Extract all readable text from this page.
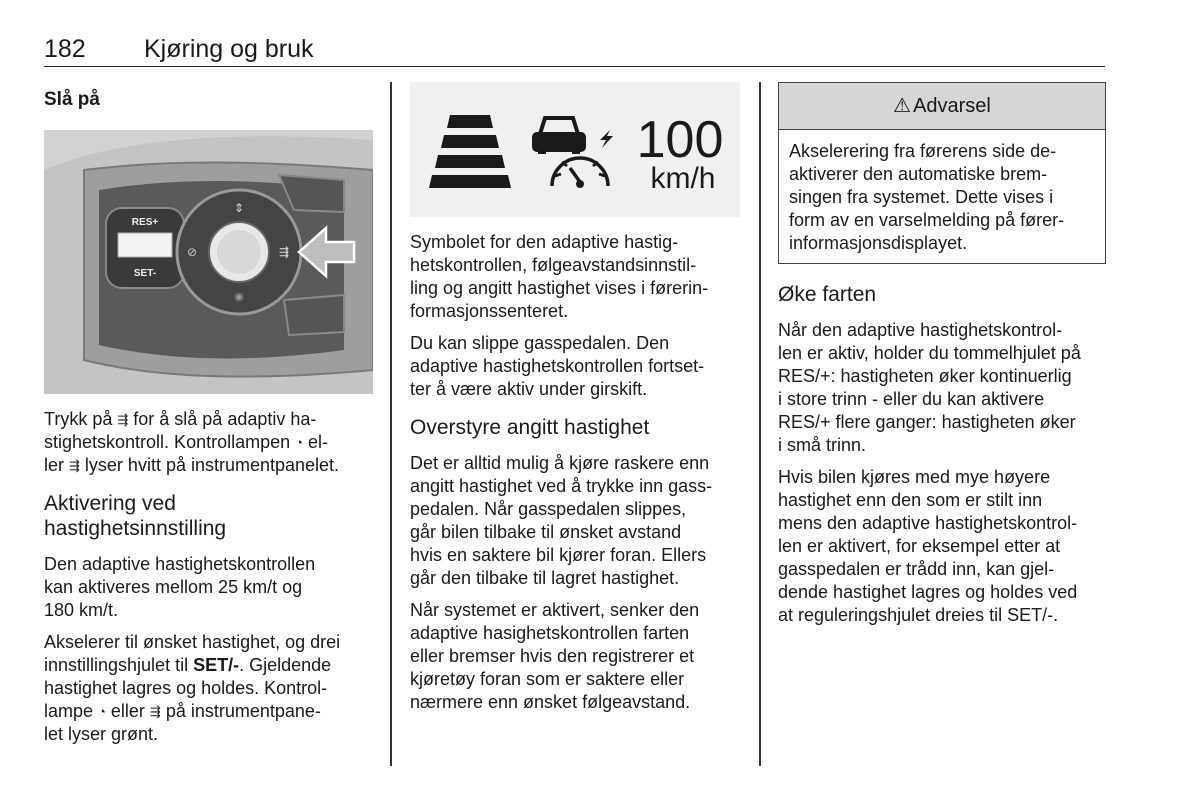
182 Kjøring og bruk
Slå på
RES+
SET-
⊘	⇶
⇕
◉

Trykk på ⇶ for å slå på adaptiv ha-
stighetskontroll. Kontrollampen ◔ el-
ler ⇶ lyser hvitt på instrumentpanelet.

Aktivering ved
hastighetsinnstilling

Den adaptive hastighetskontrollen
kan aktiveres mellom 25 km/t og
180 km/t.

Akselerer til ønsket hastighet, og drei
innstillingshjulet til SET/-. Gjeldende
hastighet lagres og holdes. Kontrol-
lampe ◔ eller ⇶ på instrumentpane-
let lyser grønt.

100
km/h

Symbolet for den adaptive hastig-
hetskontrollen, følgeavstandsinnstil-
ling og angitt hastighet vises i førerin-
formasjonssenteret.

Du kan slippe gasspedalen. Den
adaptive hastighetskontrollen fortset-
ter å være aktiv under girskift.

Overstyre angitt hastighet

Det er alltid mulig å kjøre raskere enn
angitt hastighet ved å trykke inn gass-
pedalen. Når gasspedalen slippes,
går bilen tilbake til ønsket avstand
hvis en saktere bil kjører foran. Ellers
går den tilbake til lagret hastighet.

Når systemet er aktivert, senker den
adaptive hasighetskontrollen farten
eller bremser hvis den registrerer et
kjøretøy foran som er saktere eller
nærmere enn ønsket følgeavstand.

⚠ Advarsel
Akselerering fra førerens side de-
aktiverer den automatiske brem-
singen fra systemet. Dette vises i
form av en varselmelding på fører-
informasjonsdisplayet.
Øke farten

Når den adaptive hastighetskontrol-
len er aktiv, holder du tommelhjulet på
RES/+: hastigheten øker kontinuerlig
i store trinn - eller du kan aktivere
RES/+ flere ganger: hastigheten øker
i små trinn.

Hvis bilen kjøres med mye høyere
hastighet enn den som er stilt inn
mens den adaptive hastighetskontrol-
len er aktivert, for eksempel etter at
gasspedalen er trådd inn, kan gjel-
dende hastighet lagres og holdes ved
at reguleringshjulet dreies til SET/-.
